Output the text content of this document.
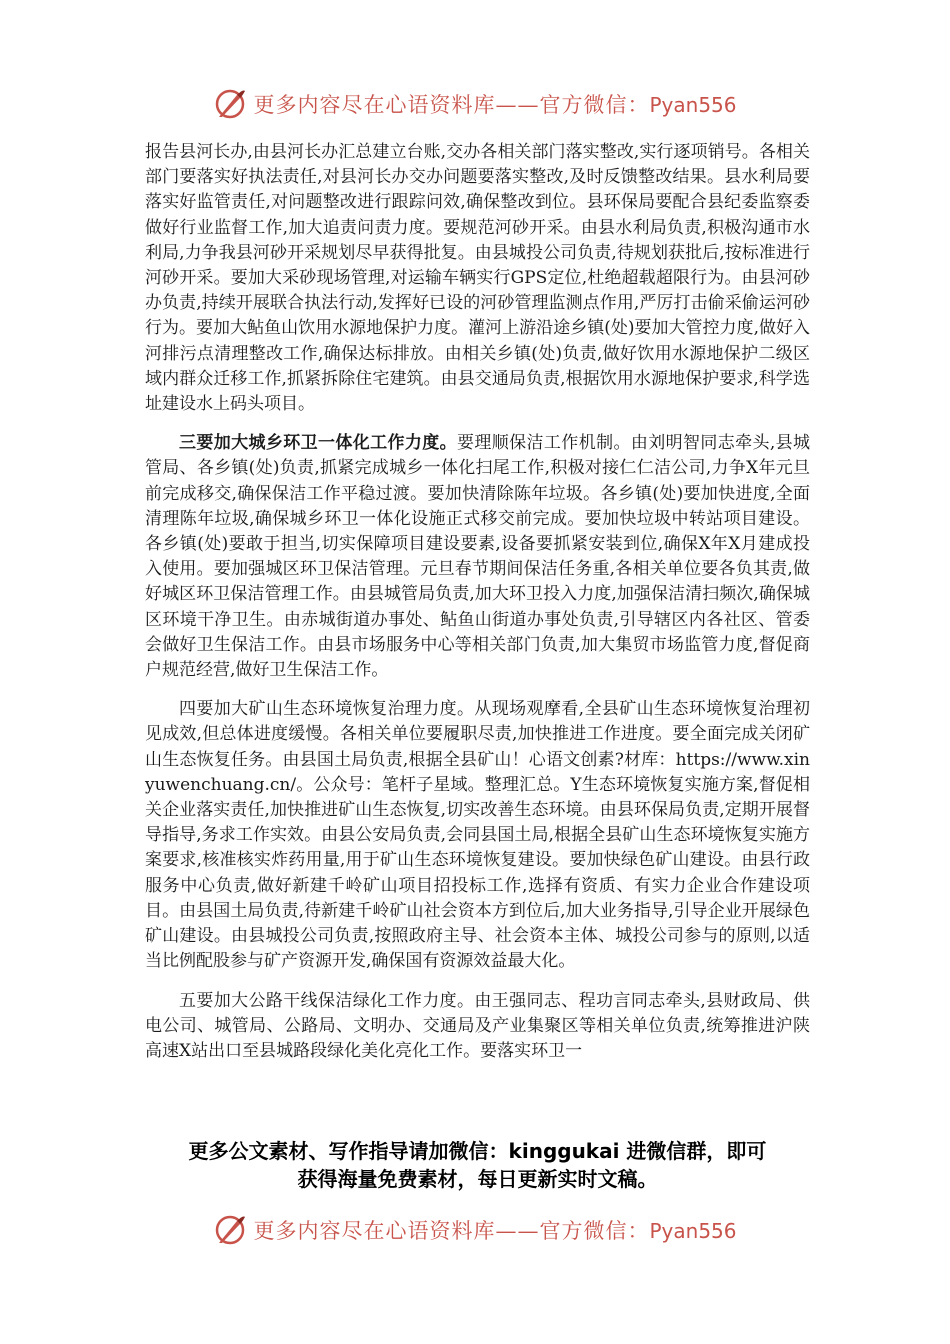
更多内容尽在心语资料库——官方微信：Pyan556

报告县河长办,由县河长办汇总建立台账,交办各相关部门落实整改,实行逐项销号。各相关部门要落实好执法责任,对县河长办交办问题要落实整改,及时反馈整改结果。县水利局要落实好监管责任,对问题整改进行跟踪问效,确保整改到位。县环保局要配合县纪委监察委做好行业监督工作,加大追责问责力度。要规范河砂开采。由县水利局负责,积极沟通市水利局,力争我县河砂开采规划尽早获得批复。由县城投公司负责,待规划获批后,按标准进行河砂开采。要加大采砂现场管理,对运输车辆实行GPS定位,杜绝超载超限行为。由县河砂办负责,持续开展联合执法行动,发挥好已设的河砂管理监测点作用,严厉打击偷采偷运河砂行为。要加大鲇鱼山饮用水源地保护力度。灌河上游沿途乡镇(处)要加大管控力度,做好入河排污点清理整改工作,确保达标排放。由相关乡镇(处)负责,做好饮用水源地保护二级区域内群众迁移工作,抓紧拆除住宅建筑。由县交通局负责,根据饮用水源地保护要求,科学选址建设水上码头项目。

三要加大城乡环卫一体化工作力度。要理顺保洁工作机制。由刘明智同志牵头,县城管局、各乡镇(处)负责,抓紧完成城乡一体化扫尾工作,积极对接仁仁洁公司,力争X年元旦前完成移交,确保保洁工作平稳过渡。要加快清除陈年垃圾。各乡镇(处)要加快进度,全面清理陈年垃圾,确保城乡环卫一体化设施正式移交前完成。要加快垃圾中转站项目建设。各乡镇(处)要敢于担当,切实保障项目建设要素,设备要抓紧安装到位,确保X年X月建成投入使用。要加强城区环卫保洁管理。元旦春节期间保洁任务重,各相关单位要各负其责,做好城区环卫保洁管理工作。由县城管局负责,加大环卫投入力度,加强保洁清扫频次,确保城区环境干净卫生。由赤城街道办事处、鲇鱼山街道办事处负责,引导辖区内各社区、管委会做好卫生保洁工作。由县市场服务中心等相关部门负责,加大集贸市场监管力度,督促商户规范经营,做好卫生保洁工作。

四要加大矿山生态环境恢复治理力度。从现场观摩看,全县矿山生态环境恢复治理初见成效,但总体进度缓慢。各相关单位要履职尽责,加快推进工作进度。要全面完成关闭矿山生态恢复任务。由县国土局负责,根据全县矿山！心语文创素?材库：https://www.xinyuwenchuang.cn/。公众号：笔杆子星域。整理汇总。Y生态环境恢复实施方案,督促相关企业落实责任,加快推进矿山生态恢复,切实改善生态环境。由县环保局负责,定期开展督导指导,务求工作实效。由县公安局负责,会同县国土局,根据全县矿山生态环境恢复实施方案要求,核准核实炸药用量,用于矿山生态环境恢复建设。要加快绿色矿山建设。由县行政服务中心负责,做好新建千岭矿山项目招投标工作,选择有资质、有实力企业合作建设项目。由县国土局负责,待新建千岭矿山社会资本方到位后,加大业务指导,引导企业开展绿色矿山建设。由县城投公司负责,按照政府主导、社会资本主体、城投公司参与的原则,以适当比例配股参与矿产资源开发,确保国有资源效益最大化。

五要加大公路干线保洁绿化工作力度。由王强同志、程功言同志牵头,县财政局、供电公司、城管局、公路局、文明办、交通局及产业集聚区等相关单位负责,统筹推进沪陕高速X站出口至县城路段绿化美化亮化工作。要落实环卫一

更多公文素材、写作指导请加微信：kinggukai 进微信群，即可
获得海量免费素材，每日更新实时文稿。
更多内容尽在心语资料库——官方微信：Pyan556
